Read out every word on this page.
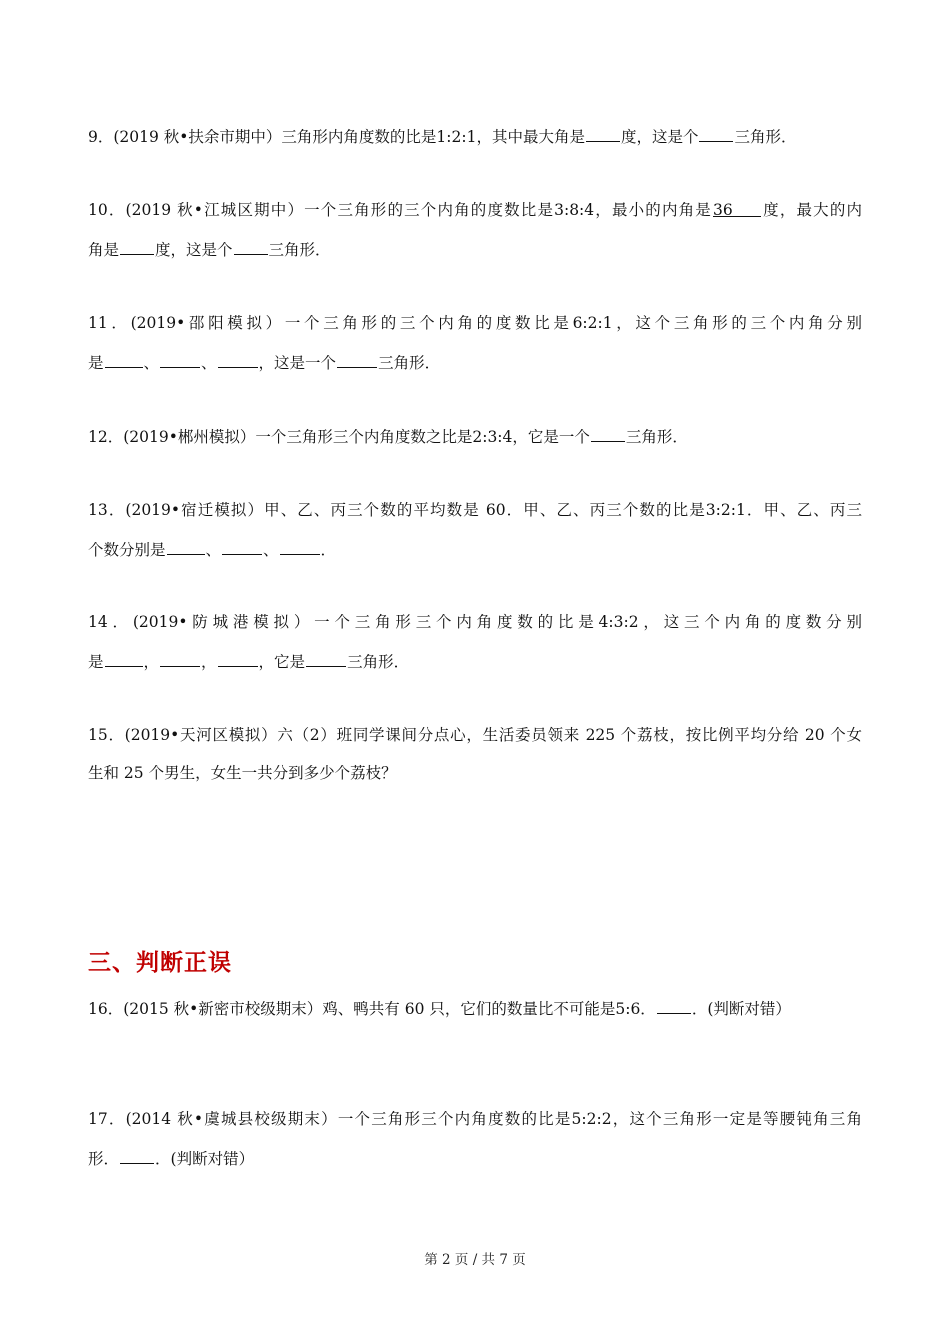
9．(2019 秋•扶余市期中）三角形内角度数的比是1:2:1，其中最大角是 度，这是个 三角形．
10．(2019 秋•江城区期中）一个三角形的三个内角的度数比是3:8:4，最小的内角是36 度，最大的内
角是 度，这是个 三角形．
11．(2019•邵阳模拟）一个三角形的三个内角的度数比是6:2:1，这个三角形的三个内角分别
是	、	、	，这是一个	三角形．
12．(2019•郴州模拟）一个三角形三个内角度数之比是2:3:4，它是一个 三角形．
13．(2019•宿迁模拟）甲、乙、丙三个数的平均数是 60．甲、乙、丙三个数的比是3:2:1．甲、乙、丙三
个数分别是	、	、	．
14．(2019•防城港模拟）一个三角形三个内角度数的比是4:3:2，这三个内角的度数分别
是	，	，	，它是	三角形．
15．(2019•天河区模拟）六（2）班同学课间分点心，生活委员领来 225 个荔枝，按比例平均分给 20 个女
生和 25 个男生，女生一共分到多少个荔枝？
三、判断正误
16．(2015 秋•新密市校级期末）鸡、鸭共有 60 只，它们的数量比不可能是5:6． ．(判断对错）
17．(2014 秋•虞城县校级期末）一个三角形三个内角度数的比是5:2:2，这个三角形一定是等腰钝角三角
形． ．(判断对错）
第 2 页 / 共 7 页
